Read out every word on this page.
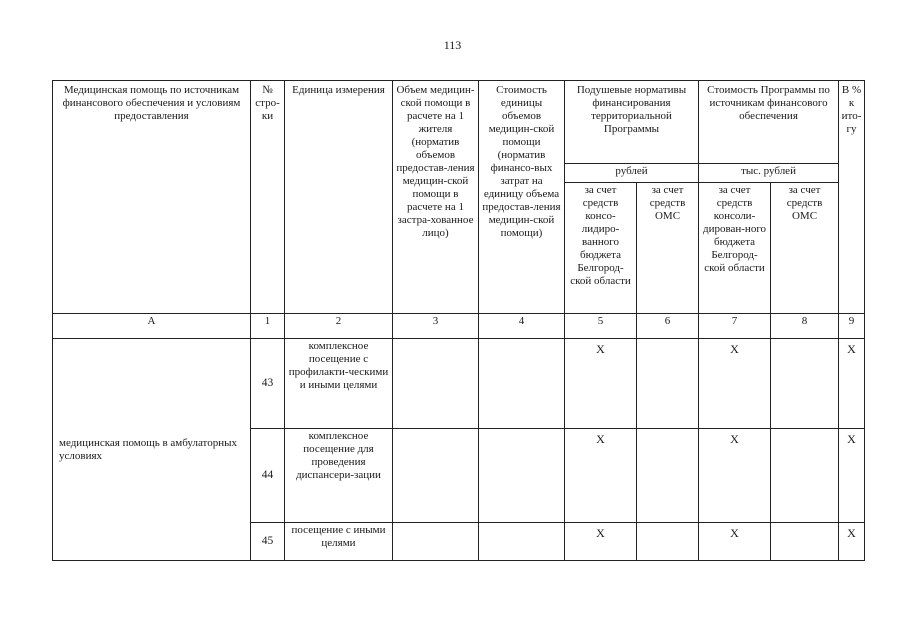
113
Медицинская помощь по источникам финансового обеспечения и условиям предоставления	№ стро-ки	Единица измерения	Объем медицин-ской помощи в расчете на 1 жителя (норматив объемов предостав-ления медицин-ской помощи в расчете на 1 застра-хованное лицо)	Стоимость единицы объемов медицин-ской помощи (норматив финансо-вых затрат на единицу объема предостав-ления медицин-ской помощи)	Подушевые нормативы финансирования территориальной Программы		Стоимость Программы по источникам финансового обеспечения		В % к ито-гу
					рублей		тыс. рублей		
					за счет средств консо-лидиро-ванного бюджета Белгород-ской области	за счет средств ОМС	за счет средств консоли-дирован-ного бюджета Белгород-ской области	за счет средств ОМС	
А	1	2	3	4	5	6	7	8	9
медицинская помощь в амбулаторных условиях	43	комплексное посещение с профилакти-ческими и иными целями			X		X		X
	44	комплексное посещение для проведения диспансери-зации			X		X		X
	45	посещение с иными целями			X		X		X
